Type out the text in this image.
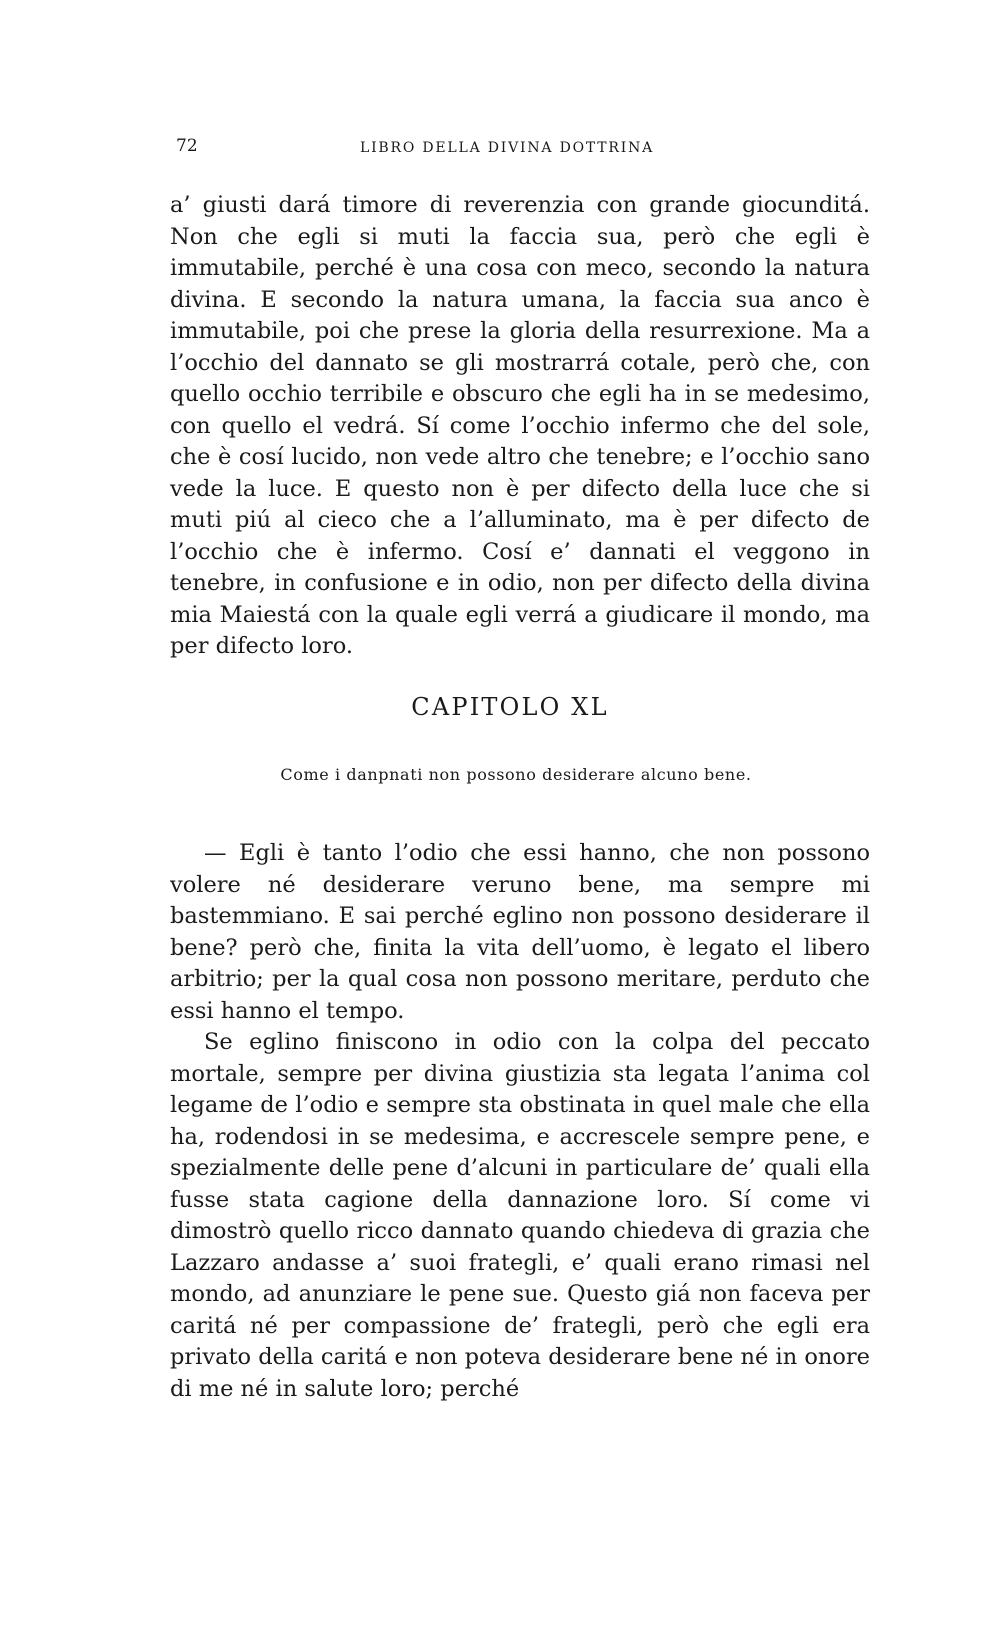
72	LIBRO DELLA DIVINA DOTTRINA

a’ giusti dará timore di reverenzia con grande giocunditá. Non che egli si muti la faccia sua, però che egli è immutabile, perché è una cosa con meco, secondo la natura divina. E secondo la natura umana, la faccia sua anco è immutabile, poi che prese la gloria della resurrexione. Ma a l’occhio del dannato se gli mostrarrá cotale, però che, con quello occhio terribile e obscuro che egli ha in se medesimo, con quello el vedrá. Sí come l’occhio infermo che del sole, che è cosí lucido, non vede altro che tenebre; e l’occhio sano vede la luce. E questo non è per difecto della luce che si muti piú al cieco che a l’alluminato, ma è per difecto de l’occhio che è infermo. Cosí e’ dannati el veggono in tenebre, in confusione e in odio, non per difecto della divina mia Maiestá con la quale egli verrá a giudicare il mondo, ma per difecto loro.

CAPITOLO XL
Come i danpnati non possono desiderare alcuno bene.

— Egli è tanto l’odio che essi hanno, che non possono volere né desiderare veruno bene, ma sempre mi bastemmiano. E sai perché eglino non possono desiderare il bene? però che, finita la vita dell’uomo, è legato el libero arbitrio; per la qual cosa non possono meritare, perduto che essi hanno el tempo.

Se eglino finiscono in odio con la colpa del peccato mortale, sempre per divina giustizia sta legata l’anima col legame de l’odio e sempre sta obstinata in quel male che ella ha, rodendosi in se medesima, e accrescele sempre pene, e spezialmente delle pene d’alcuni in particulare de’ quali ella fusse stata cagione della dannazione loro. Sí come vi dimostrò quello ricco dannato quando chiedeva di grazia che Lazzaro andasse a’ suoi frategli, e’ quali erano rimasi nel mondo, ad anunziare le pene sue. Questo giá non faceva per caritá né per compassione de’ frategli, però che egli era privato della caritá e non poteva desiderare bene né in onore di me né in salute loro; perché
